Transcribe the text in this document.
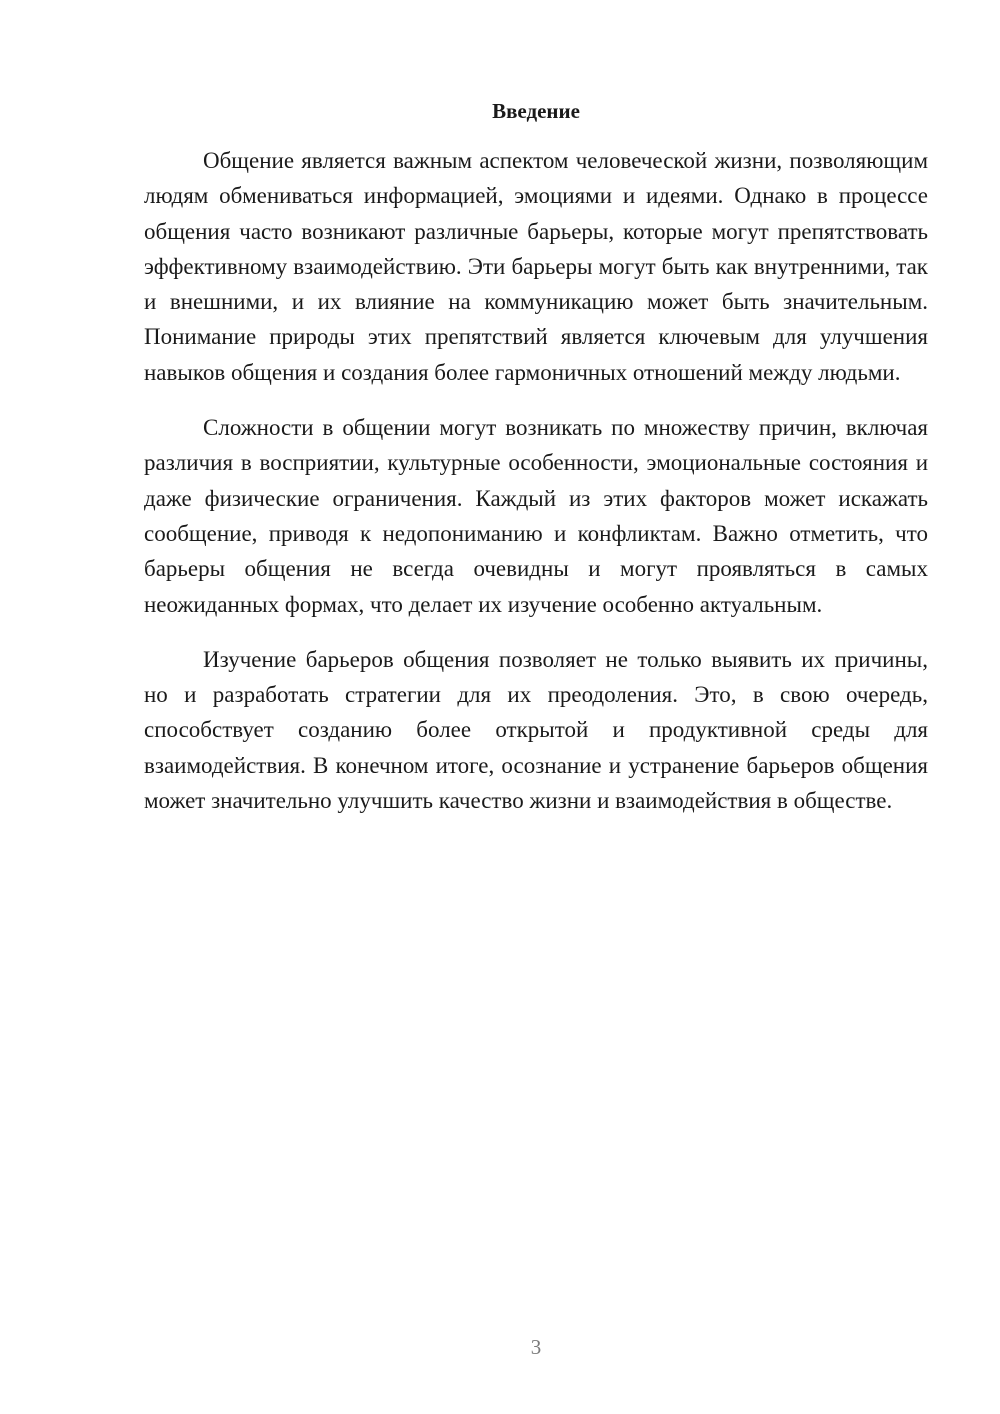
Введение

Общение является важным аспектом человеческой жизни, позволяющим людям обмениваться информацией, эмоциями и идеями. Однако в процессе общения часто возникают различные барьеры, которые могут препятствовать эффективному взаимодействию. Эти барьеры могут быть как внутренними, так и внешними, и их влияние на коммуникацию может быть значительным. Понимание природы этих препятствий является ключевым для улучшения навыков общения и создания более гармоничных отношений между людьми.

Сложности в общении могут возникать по множеству причин, включая различия в восприятии, культурные особенности, эмоциональные состояния и даже физические ограничения. Каждый из этих факторов может искажать сообщение, приводя к недопониманию и конфликтам. Важно отметить, что барьеры общения не всегда очевидны и могут проявляться в самых неожиданных формах, что делает их изучение особенно актуальным.

Изучение барьеров общения позволяет не только выявить их причины, но и разработать стратегии для их преодоления. Это, в свою очередь, способствует созданию более открытой и продуктивной среды для взаимодействия. В конечном итоге, осознание и устранение барьеров общения может значительно улучшить качество жизни и взаимодействия в обществе.

3
